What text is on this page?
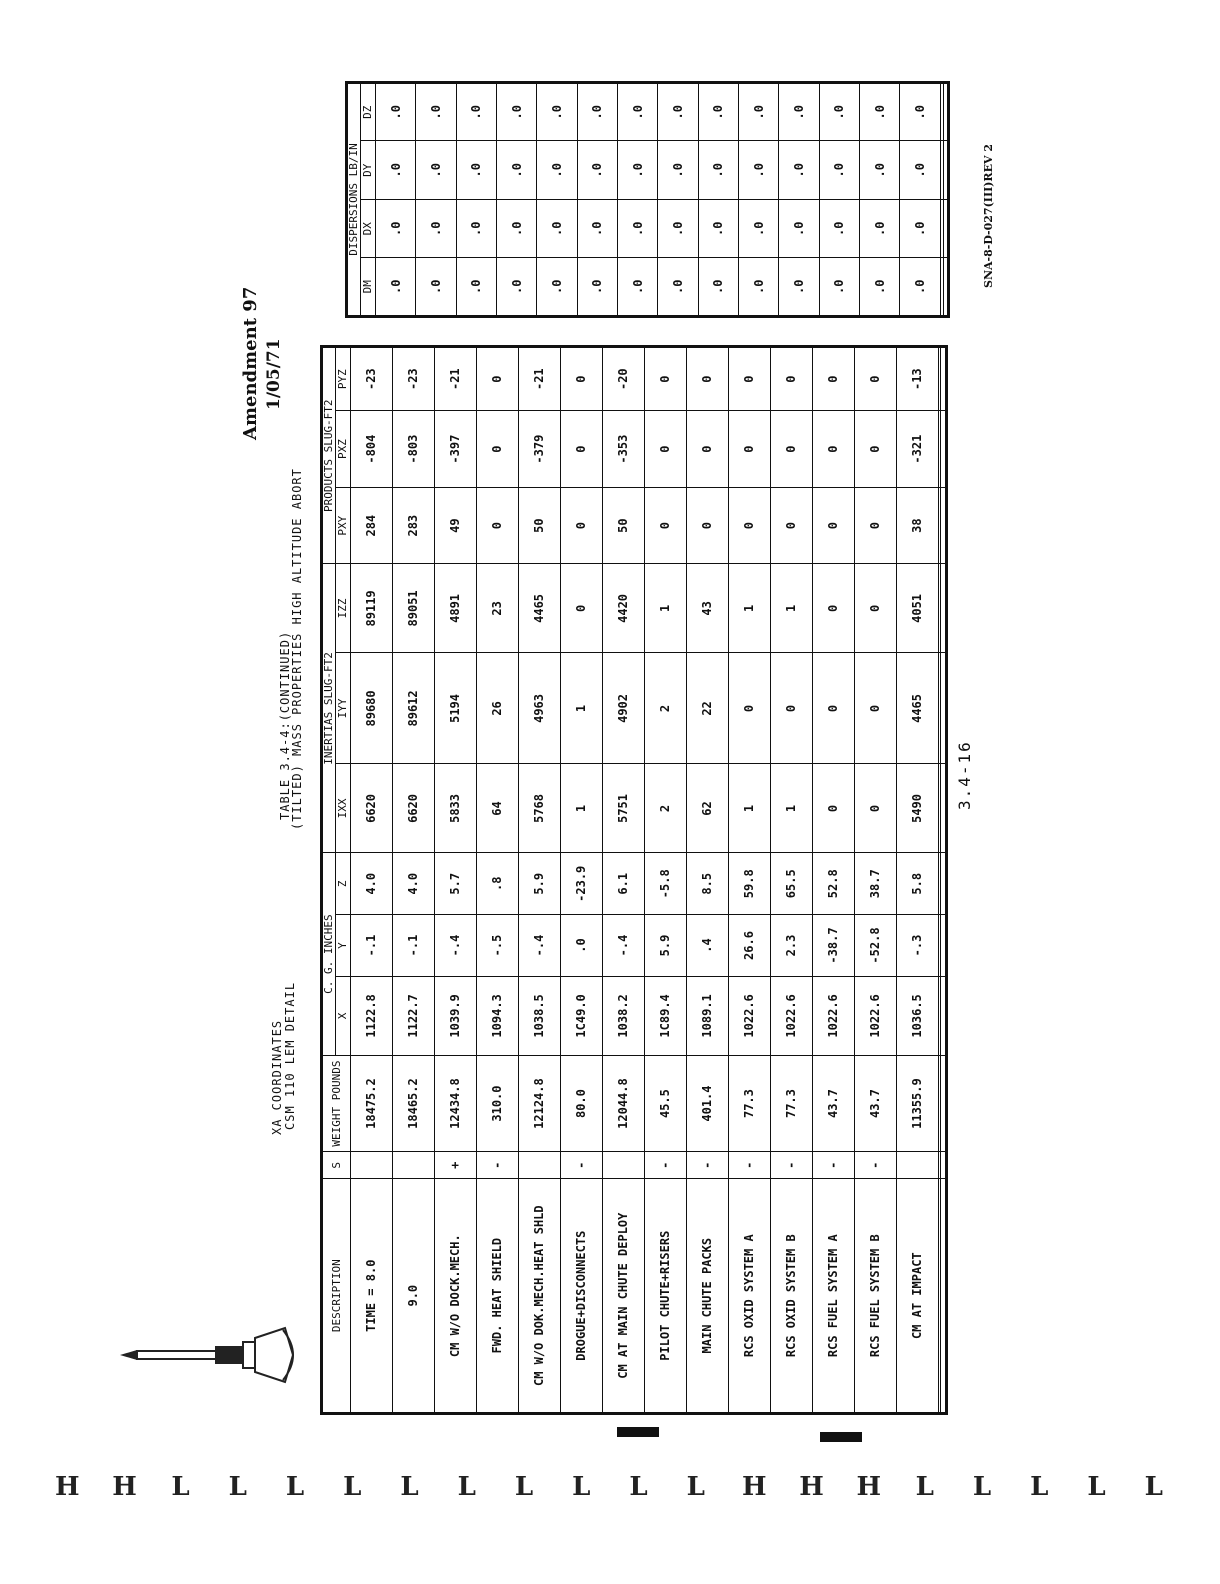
Amendment 97 1/05/71
XA COORDINATES CSM 110 LEM DETAIL
TABLE 3.4-4:(CONTINUED)
(TILTED) MASS PROPERTIES HIGH ALTITUDE ABORT	3.4-16
SNA-8-D-027(III)REV 2
DESCRIPTION	S	WEIGHT POUNDS	C. G. INCHES			INERTIAS SLUG-FT2			PRODUCTS SLUG-FT2		
			X	Y	Z	IXX	IYY	IZZ	PXY	PXZ	PYZ
TIME = 8.0		18475.2	1122.8	-.1	4.0	6620	89680	89119	284	-804	-23
9.0		18465.2	1122.7	-.1	4.0	6620	89612	89051	283	-803	-23
CM W/O DOCK.MECH.	+	12434.8	1039.9	-.4	5.7	5833	5194	4891	49	-397	-21
FWD. HEAT SHIELD	-	310.0	1094.3	-.5	.8	64	26	23	0	0	0
CM W/O DOK.MECH.HEAT SHLD		12124.8	1038.5	-.4	5.9	5768	4963	4465	50	-379	-21
DROGUE+DISCONNECTS	-	80.0	1C49.0	.0	-23.9	1	1	0	0	0	0
CM AT MAIN CHUTE DEPLOY		12044.8	1038.2	-.4	6.1	5751	4902	4420	50	-353	-20
PILOT CHUTE+RISERS	-	45.5	1C89.4	5.9	-5.8	2	2	1	0	0	0
MAIN CHUTE PACKS	-	401.4	1089.1	.4	8.5	62	22	43	0	0	0
RCS OXID SYSTEM A	-	77.3	1022.6	26.6	59.8	1	0	1	0	0	0
RCS OXID SYSTEM B	-	77.3	1022.6	2.3	65.5	1	0	1	0	0	0
RCS FUEL SYSTEM A	-	43.7	1022.6	-38.7	52.8	0	0	0	0	0	0
RCS FUEL SYSTEM B	-	43.7	1022.6	-52.8	38.7	0	0	0	0	0	0
CM AT IMPACT		11355.9	1036.5	-.3	5.8	5490	4465	4051	38	-321	-13

DISPERSIONS LB/IN			
DM	DX	DY	DZ
.0	.0	.0	.0
.0	.0	.0	.0
.0	.0	.0	.0
.0	.0	.0	.0
.0	.0	.0	.0
.0	.0	.0	.0
.0	.0	.0	.0
.0	.0	.0	.0
.0	.0	.0	.0
.0	.0	.0	.0
.0	.0	.0	.0
.0	.0	.0	.0
.0	.0	.0	.0
.0	.0	.0	.0

H H L L L L L L L L L L H H H L L L L L
